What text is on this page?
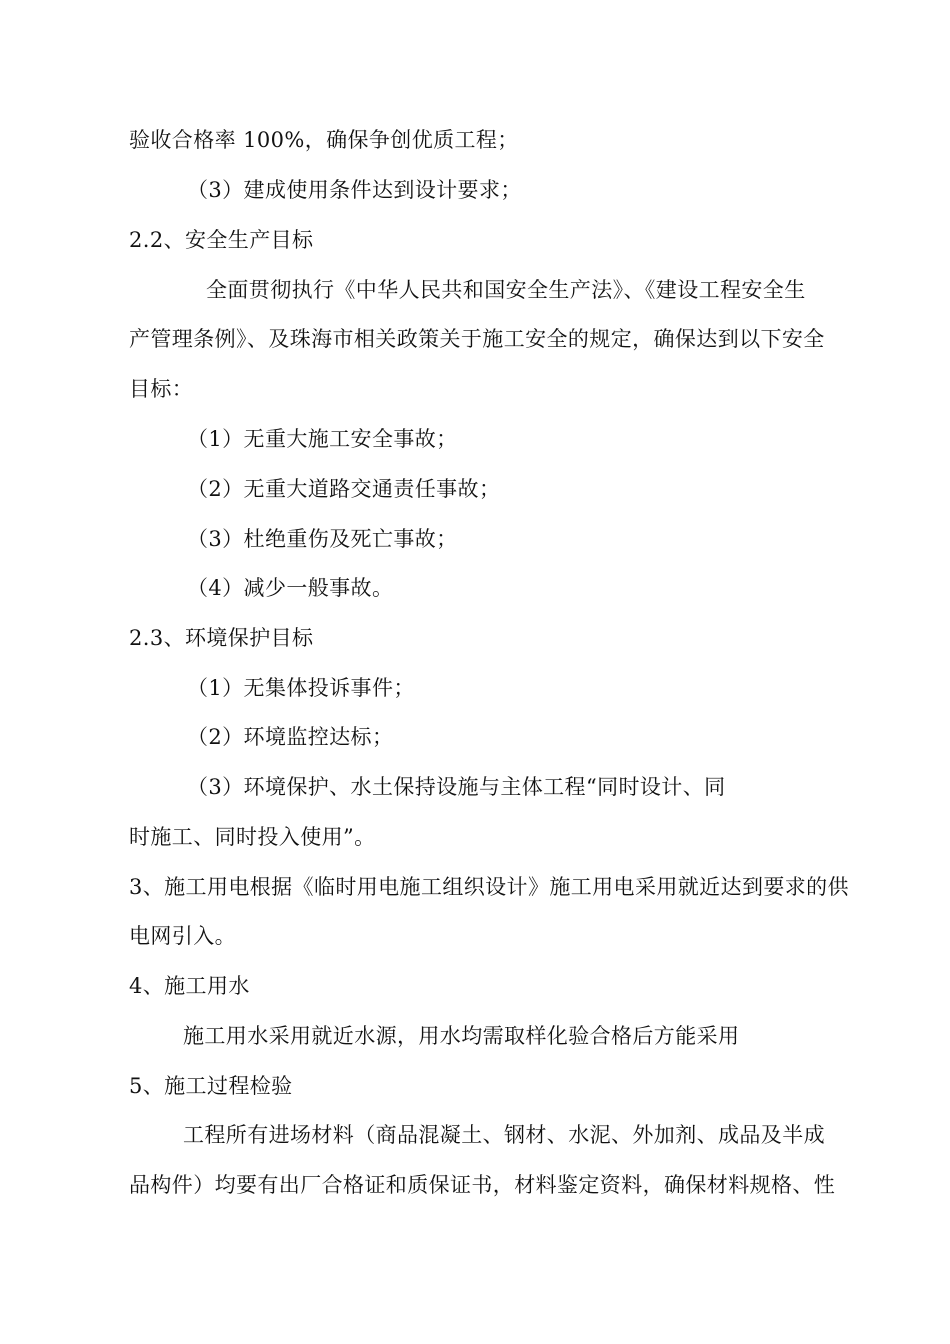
验收合格率 100%，确保争创优质工程；
（3）建成使用条件达到设计要求；
2.2、安全生产目标
全面贯彻执行《中华人民共和国安全生产法》、《建设工程安全生
产管理条例》、及珠海市相关政策关于施工安全的规定，确保达到以下安全
目标：
（1）无重大施工安全事故；
（2）无重大道路交通责任事故；
（3）杜绝重伤及死亡事故；
（4）减少一般事故。
2.3、环境保护目标
（1）无集体投诉事件；
（2）环境监控达标；
（3）环境保护、水土保持设施与主体工程“同时设计、同
时施工、同时投入使用”。
3、施工用电根据《临时用电施工组织设计》施工用电采用就近达到要求的供
电网引入。
4、施工用水
施工用水采用就近水源，用水均需取样化验合格后方能采用
5、施工过程检验
工程所有进场材料（商品混凝土、钢材、水泥、外加剂、成品及半成
品构件）均要有出厂合格证和质保证书，材料鉴定资料，确保材料规格、性
